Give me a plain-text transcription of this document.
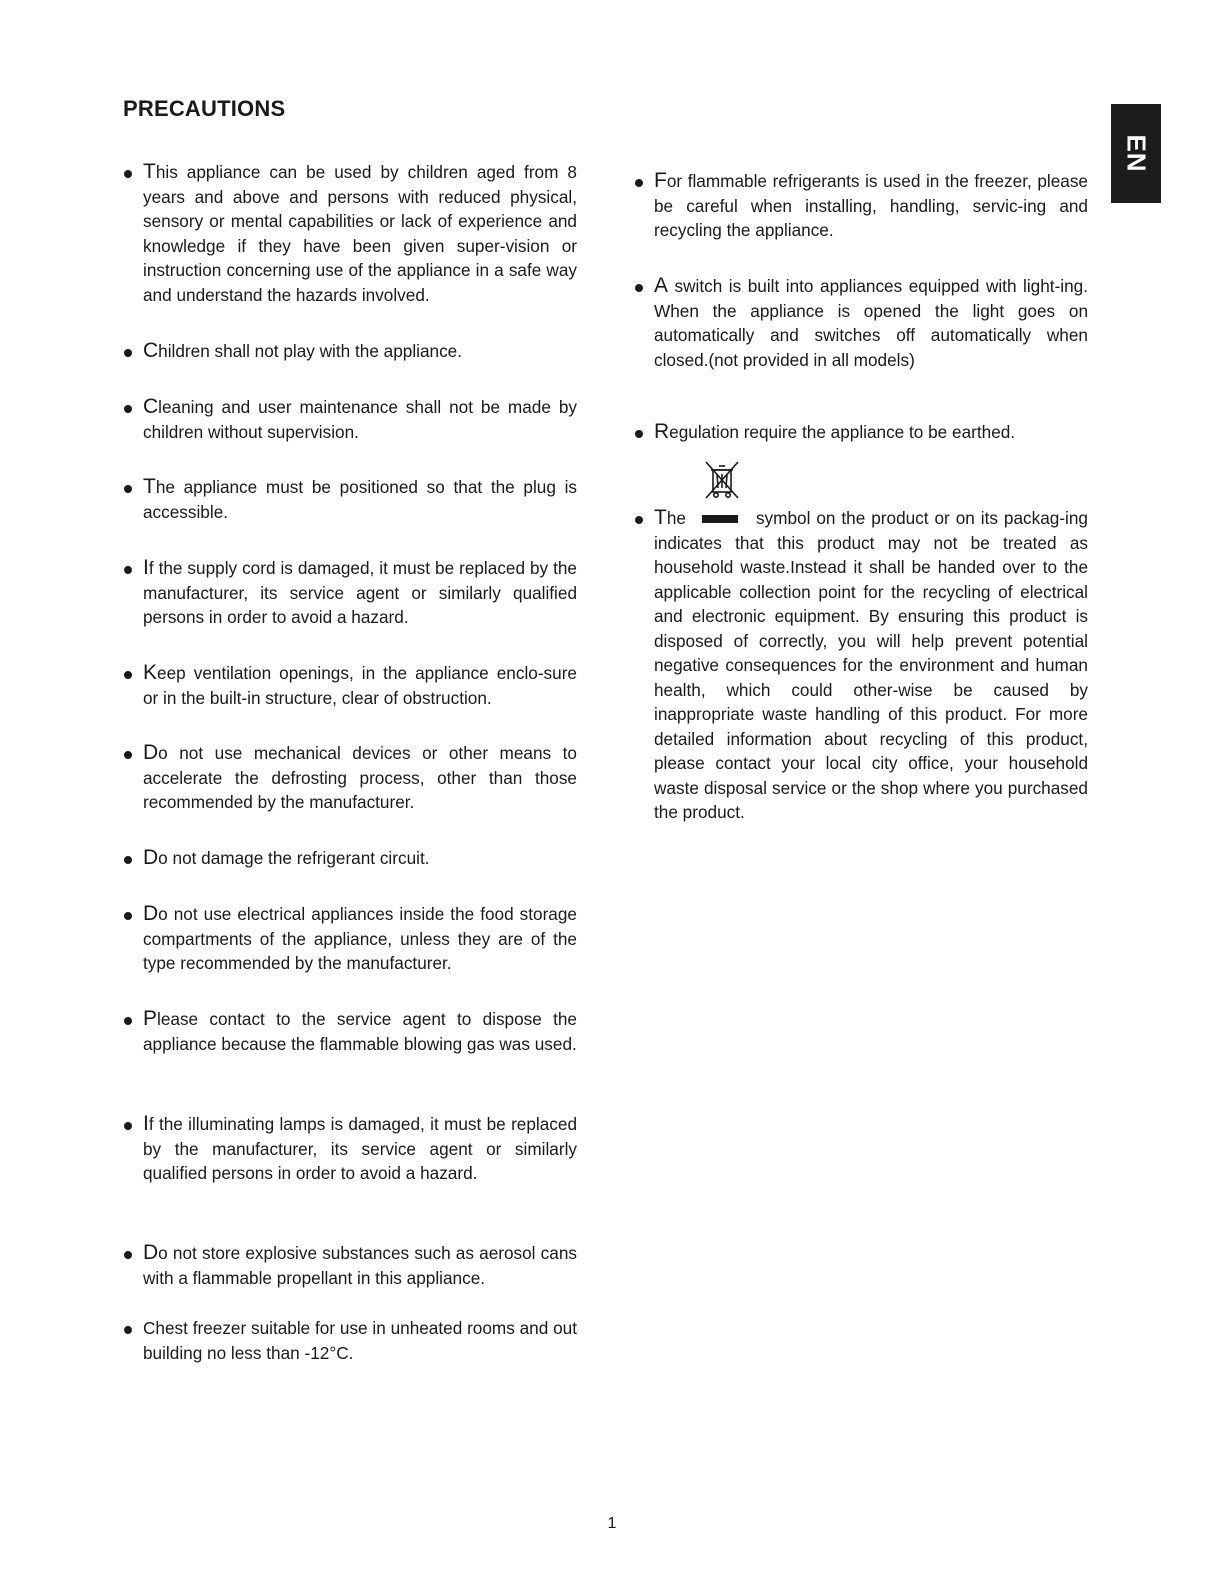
PRECAUTIONS
EN
This appliance can be used by children aged from 8 years and above and persons with reduced physical, sensory or mental capabilities or lack of experience and knowledge if they have been given super-vision or instruction concerning use of the appliance in a safe way and understand the hazards involved.
Children shall not play with the appliance.
Cleaning and user maintenance shall not be made by children without supervision.
The appliance must be positioned so that the plug is accessible.
If the supply cord is damaged, it must be replaced by the manufacturer, its service agent or similarly qualified persons in order to avoid a hazard.
Keep ventilation openings, in the appliance enclo-sure or in the built-in structure, clear of obstruction.
Do not use mechanical devices or other means to accelerate the defrosting process, other than those recommended by the manufacturer.
Do not damage the refrigerant circuit.
Do not use electrical appliances inside the food storage compartments of the appliance, unless they are of the type recommended by the manufacturer.
Please contact to the service agent to dispose the appliance because the flammable blowing gas was used.
If the illuminating lamps is damaged, it must be replaced by the manufacturer, its service agent or similarly qualified persons in order to avoid a hazard.
Do not store explosive substances such as aerosol cans with a flammable propellant in this appliance.
Chest freezer suitable for use in unheated rooms and out building no less than -12°C.
For flammable refrigerants is used in the freezer, please be careful when installing, handling, servic-ing and recycling the appliance.
A switch is built into appliances equipped with light-ing. When the appliance is opened the light goes on automatically and switches off automatically when closed.(not provided in all models)
Regulation require the appliance to be earthed.
The	symbol on the product or on its packag-ing indicates that this product may not be treated as household waste.Instead it shall be handed over to the applicable collection point for the recycling of electrical and electronic equipment. By ensuring this product is disposed of correctly, you will help prevent potential negative consequences for the environment and human health, which could other-wise be caused by inappropriate waste handling of this product. For more detailed information about recycling of this product, please contact your local city office, your household waste disposal service or the shop where you purchased the product.
1
